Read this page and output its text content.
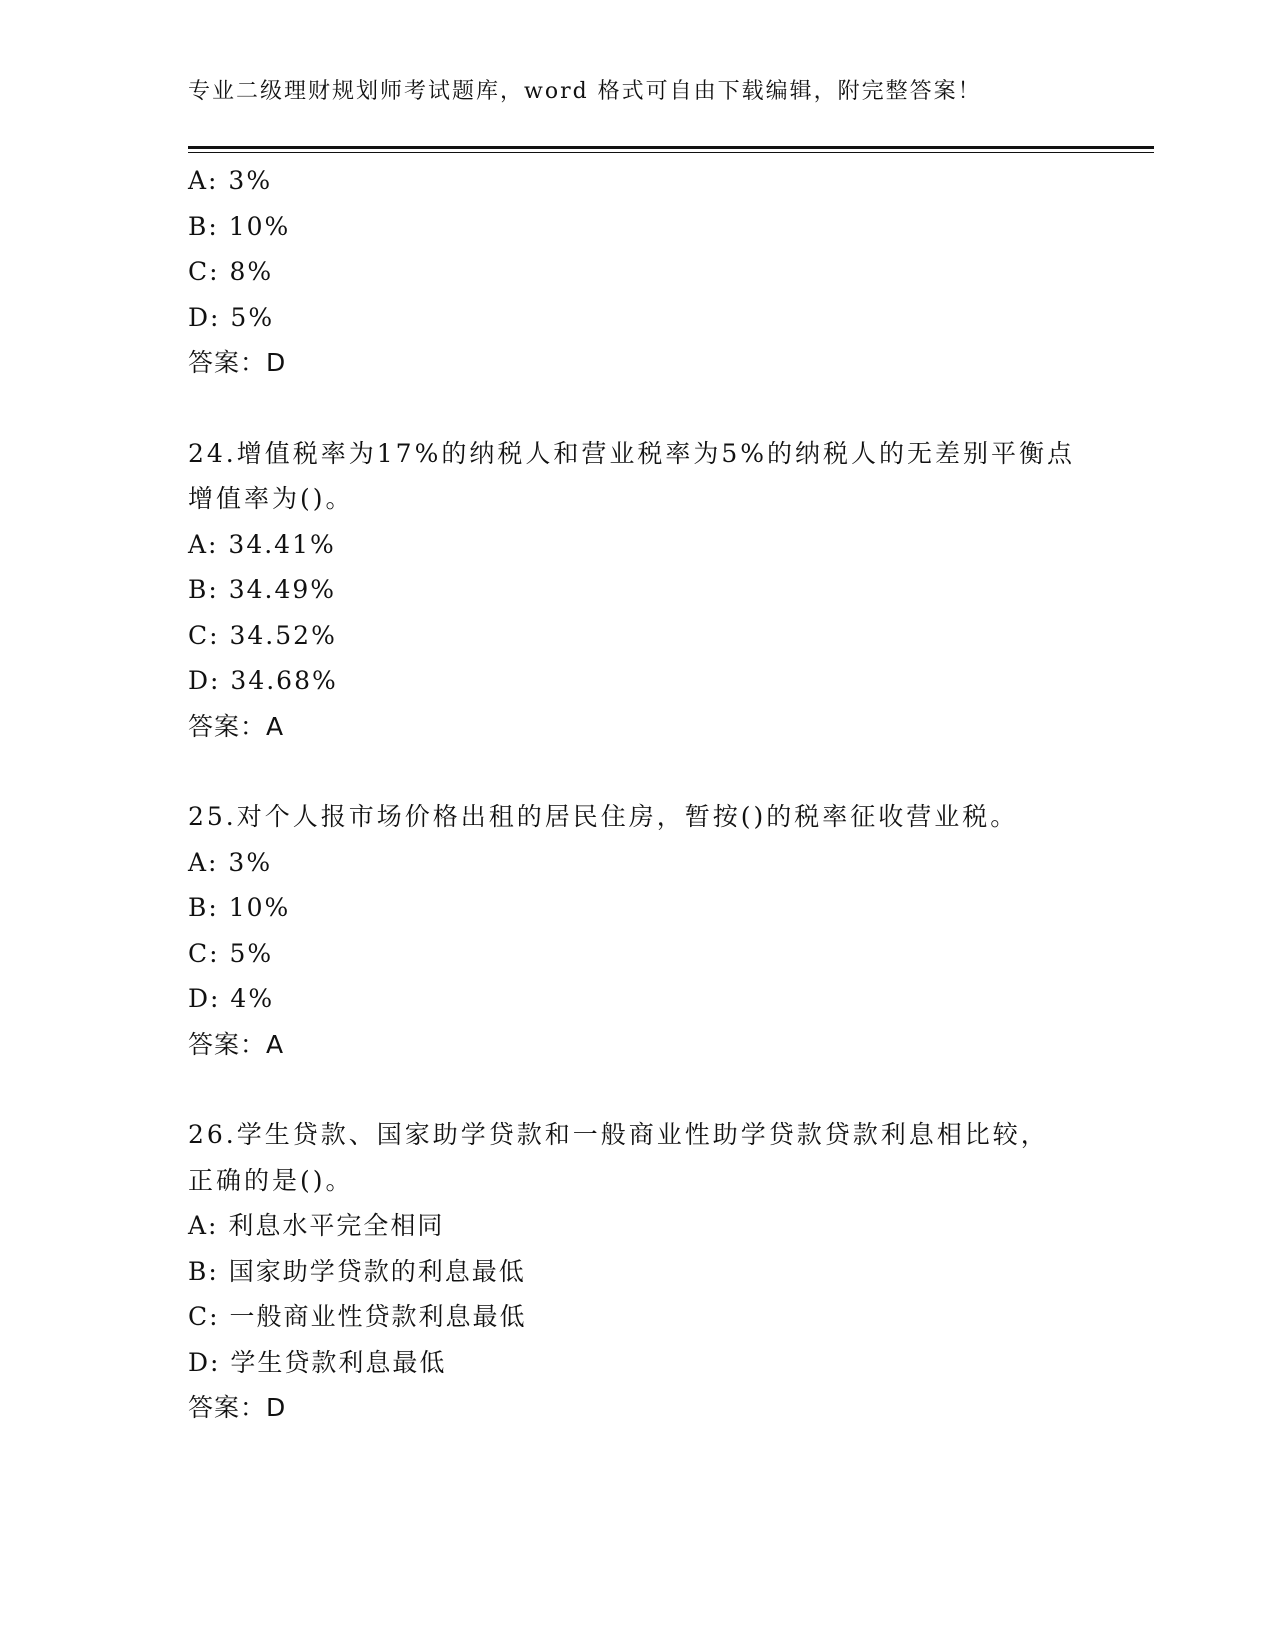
专业二级理财规划师考试题库，word 格式可自由下载编辑，附完整答案！
A: 3%
B: 10%
C: 8%
D: 5%
答案：D
24.增值税率为17%的纳税人和营业税率为5%的纳税人的无差别平衡点
增值率为()。
A: 34.41%
B: 34.49%
C: 34.52%
D: 34.68%
答案：A
25.对个人报市场价格出租的居民住房，暂按()的税率征收营业税。
A: 3%
B: 10%
C: 5%
D: 4%
答案：A
26.学生贷款、国家助学贷款和一般商业性助学贷款贷款利息相比较，
正确的是()。
A: 利息水平完全相同
B: 国家助学贷款的利息最低
C: 一般商业性贷款利息最低
D: 学生贷款利息最低
答案：D
